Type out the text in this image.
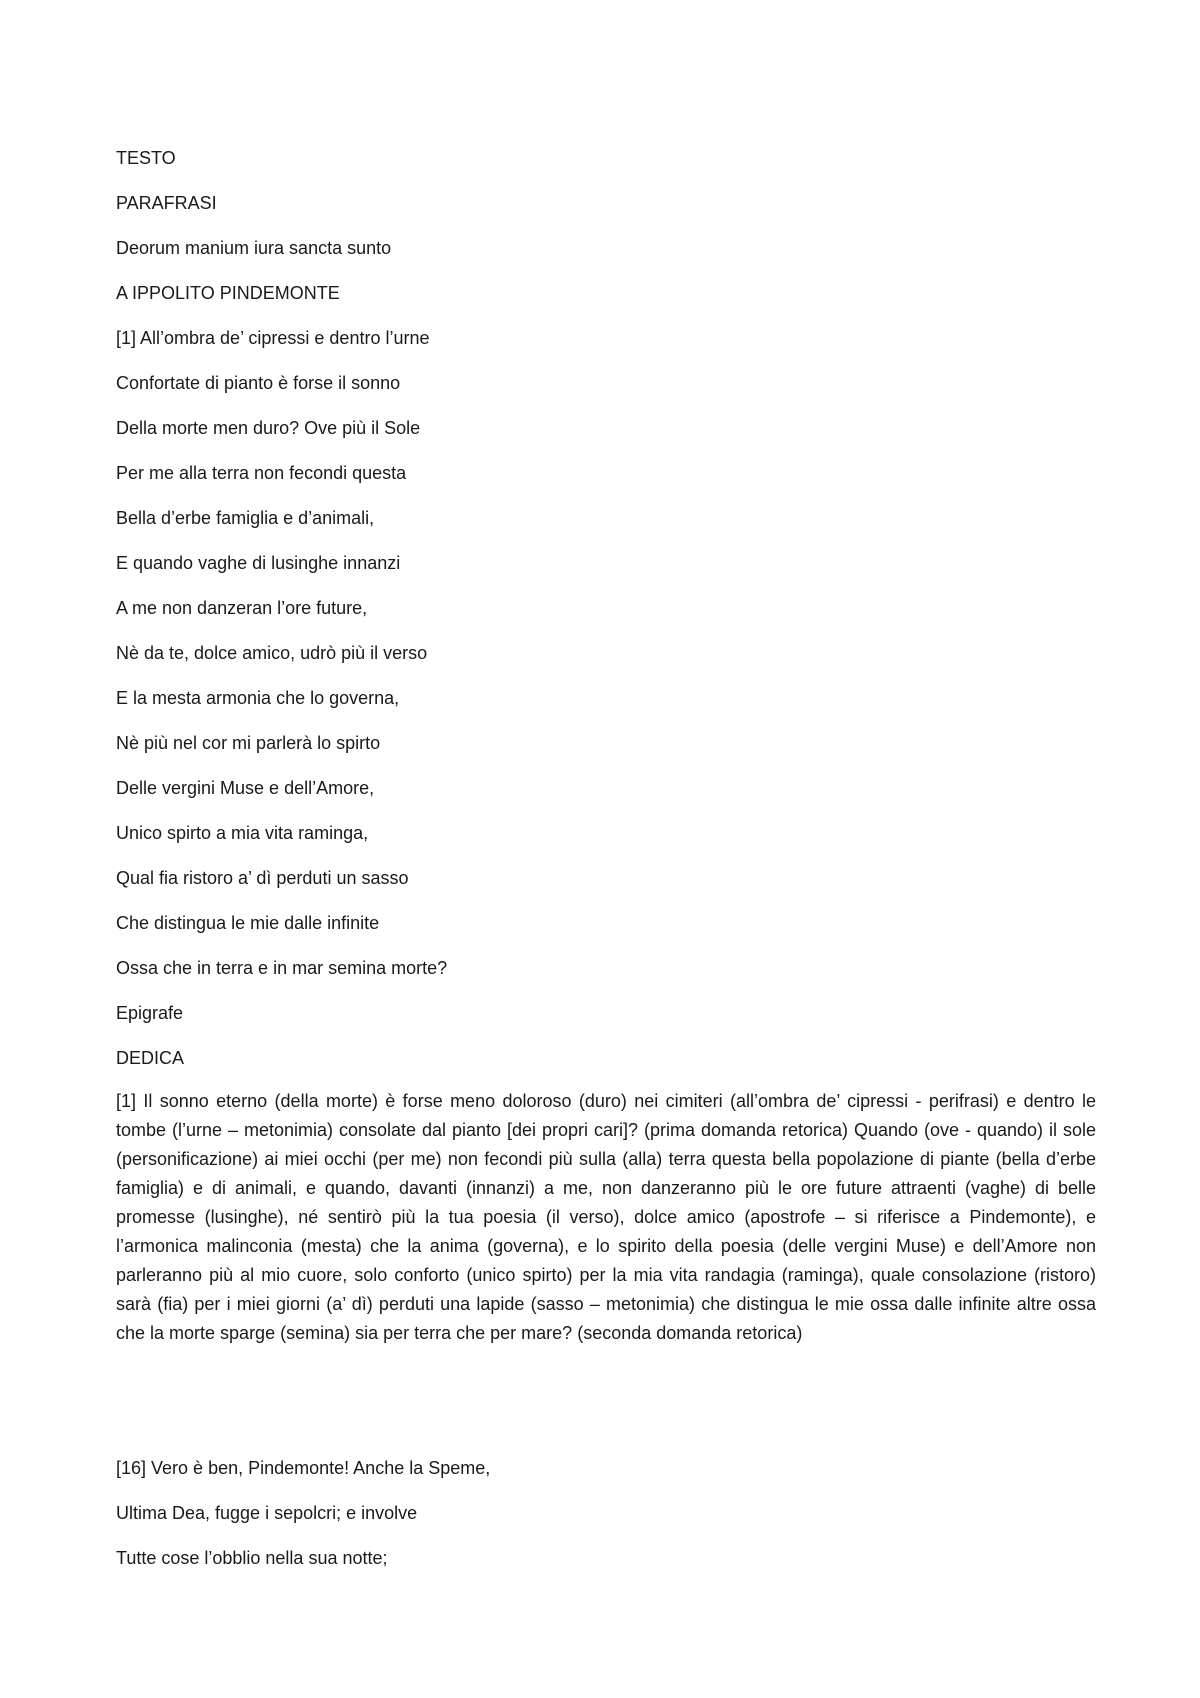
TESTO
PARAFRASI
Deorum manium iura sancta sunto
A IPPOLITO PINDEMONTE
[1] All’ombra de’ cipressi e dentro l’urne
Confortate di pianto è forse il sonno
Della morte men duro? Ove più il Sole
Per me alla terra non fecondi questa
Bella d’erbe famiglia e d’animali,
E quando vaghe di lusinghe innanzi
A me non danzeran l’ore future,
Nè da te, dolce amico, udrò più il verso
E la mesta armonia che lo governa,
Nè più nel cor mi parlerà lo spirto
Delle vergini Muse e dell’Amore,
Unico spirto a mia vita raminga,
Qual fia ristoro a’ dì perduti un sasso
Che distingua le mie dalle infinite
Ossa che in terra e in mar semina morte?
Epigrafe
DEDICA
[1] Il sonno eterno (della morte) è forse meno doloroso (duro) nei cimiteri (all’ombra de’ cipressi - perifrasi) e dentro le tombe (l’urne – metonimia) consolate dal pianto [dei propri cari]? (prima domanda retorica) Quando (ove - quando) il sole (personificazione) ai miei occhi (per me) non fecondi più sulla (alla) terra questa bella popolazione di piante (bella d’erbe famiglia) e di animali, e quando, davanti (innanzi) a me, non danzeranno più le ore future attraenti (vaghe) di belle promesse (lusinghe), né sentirò più la tua poesia (il verso), dolce amico (apostrofe – si riferisce a Pindemonte), e l’armonica malinconia (mesta) che la anima (governa), e lo spirito della poesia (delle vergini Muse) e dell’Amore non parleranno più al mio cuore, solo conforto (unico spirto) per la mia vita randagia (raminga), quale consolazione (ristoro) sarà (fia) per i miei giorni (a’ dì) perduti una lapide (sasso – metonimia) che distingua le mie ossa dalle infinite altre ossa che la morte sparge (semina) sia per terra che per mare? (seconda domanda retorica)
[16] Vero è ben, Pindemonte! Anche la Speme,
Ultima Dea, fugge i sepolcri; e involve
Tutte cose l’obblio nella sua notte;
